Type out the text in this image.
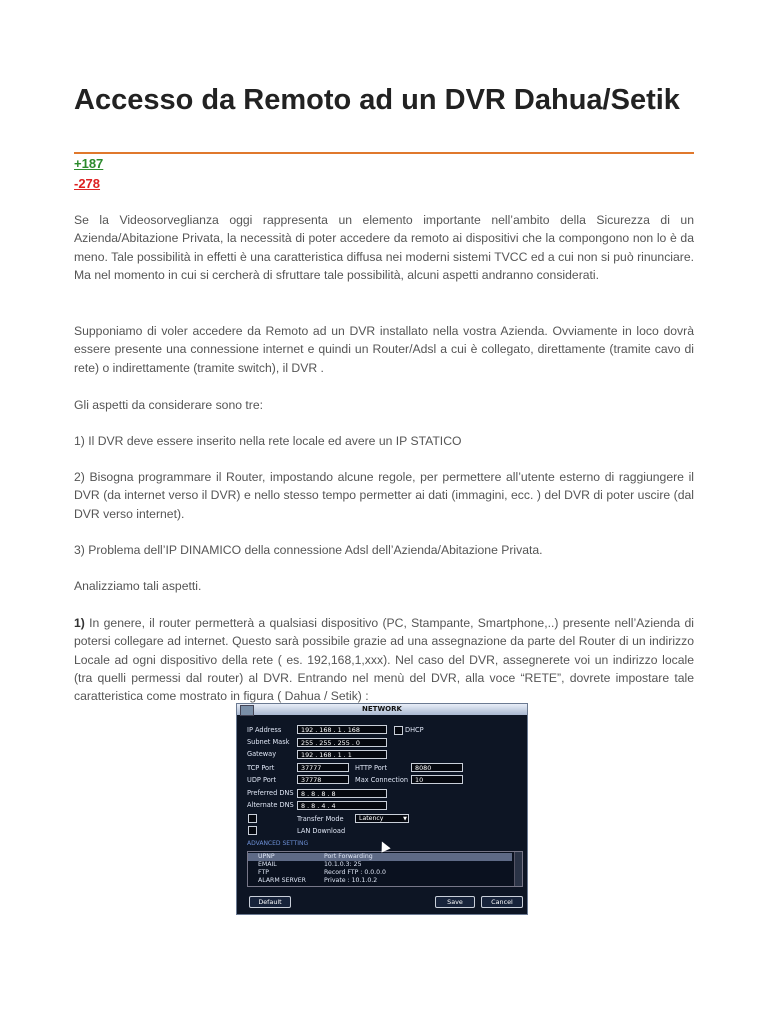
Accesso da Remoto ad un DVR Dahua/Setik
+187
-278

Se la Videosorveglianza oggi rappresenta un elemento importante nell’ambito della Sicurezza di un Azienda/Abitazione Privata, la necessità di poter accedere da remoto ai dispositivi che la compongono non lo è da meno. Tale possibilità in effetti è una caratteristica diffusa nei moderni sistemi TVCC ed a cui non si può rinunciare. Ma nel momento in cui si cercherà di sfruttare tale possibilità, alcuni aspetti andranno considerati.

Supponiamo di voler accedere da Remoto ad un DVR installato nella vostra Azienda. Ovviamente in loco dovrà essere presente una connessione internet e quindi un Router/Adsl a cui è collegato, direttamente (tramite cavo di rete) o indirettamente (tramite switch), il DVR .

Gli aspetti da considerare sono tre:

1) Il DVR deve essere inserito nella rete locale ed avere un IP STATICO

2) Bisogna programmare il Router, impostando alcune regole, per permettere all’utente esterno di raggiungere il DVR (da internet verso il DVR) e nello stesso tempo permetter ai dati (immagini, ecc. ) del DVR di poter uscire (dal DVR verso internet).

3) Problema dell’IP DINAMICO della connessione Adsl dell’Azienda/Abitazione Privata.

Analizziamo tali aspetti.

1) In genere, il router permetterà a qualsiasi dispositivo (PC, Stampante, Smartphone,..) presente nell’Azienda di potersi collegare ad internet. Questo sarà possibile grazie ad una assegnazione da parte del Router di un indirizzo Locale ad ogni dispositivo della rete ( es. 192,168,1,xxx). Nel caso del DVR, assegnerete voi un indirizzo locale (tra quelli permessi dal router) al DVR. Entrando nel menù del DVR, alla voce “RETE”, dovrete impostare tale caratteristica come mostrato in figura ( Dahua / Setik) :

NETWORK
IP Address	192 . 168 . 1 . 168	DHCP
Subnet Mask	255 . 255 . 255 . 0
Gateway	192 . 168 . 1 . 1
TCP Port	37777	HTTP Port	8080
UDP Port	37778	Max Connection	10
Preferred DNS	8 . 8 . 8 . 8
Alternate DNS	8 . 8 . 4 . 4
Transfer Mode	Latency	▼
LAN Download
ADVANCED SETTING
UPNP	Port Forwarding
EMAIL	10.1.0.3: 25
FTP	Record FTP : 0.0.0.0
ALARM SERVER	Private : 10.1.0.2
Default	Save	Cancel
